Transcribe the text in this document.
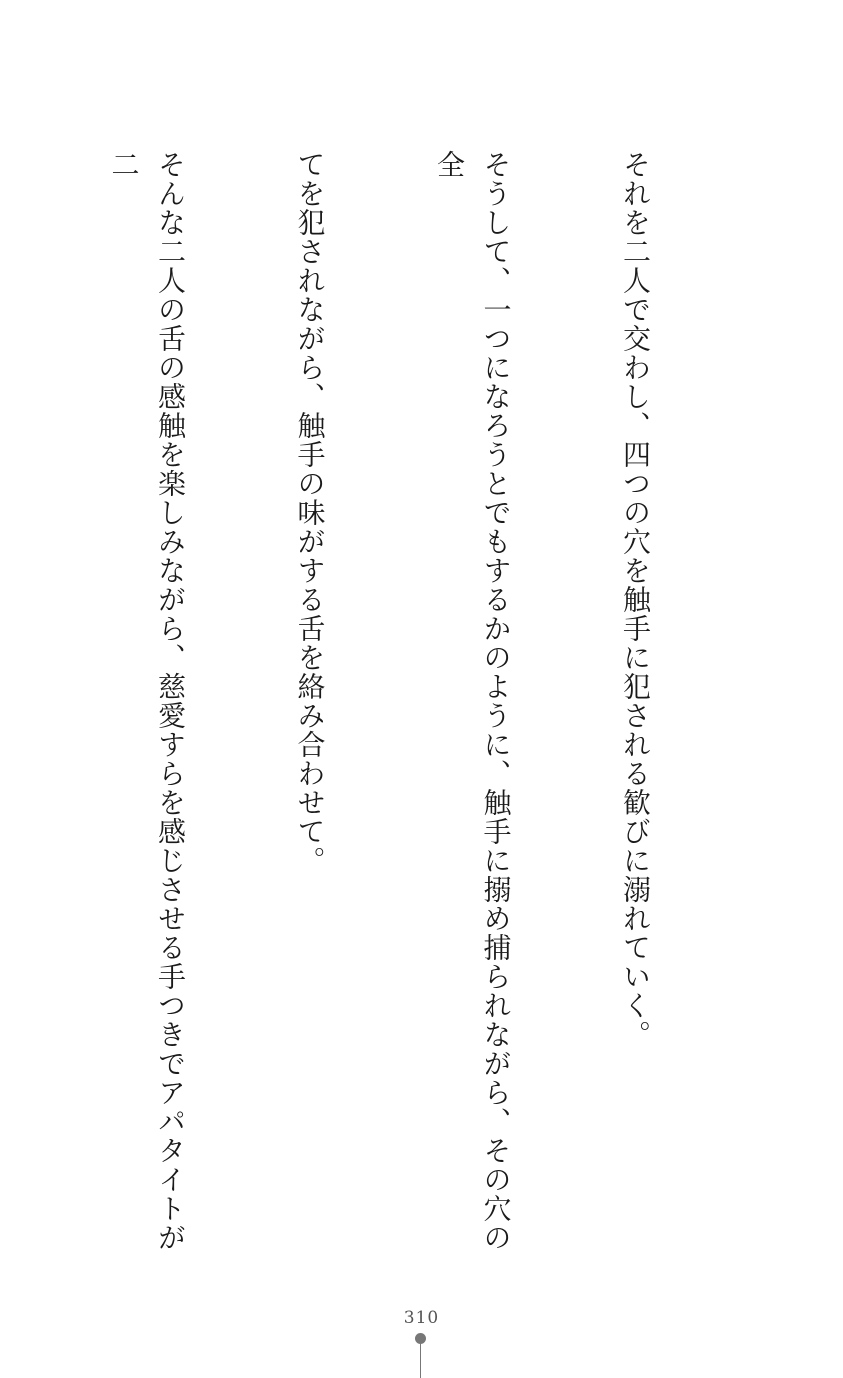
それを二人で交わし、四つの穴を触手に犯される歓びに溺れていく。

そうして、一つになろうとでもするかのように、触手に搦め捕られながら、その穴の全

てを犯されながら、触手の味がする舌を絡み合わせて。

そんな二人の舌の感触を楽しみながら、慈愛すらを感じさせる手つきでアパタイトが二

310
